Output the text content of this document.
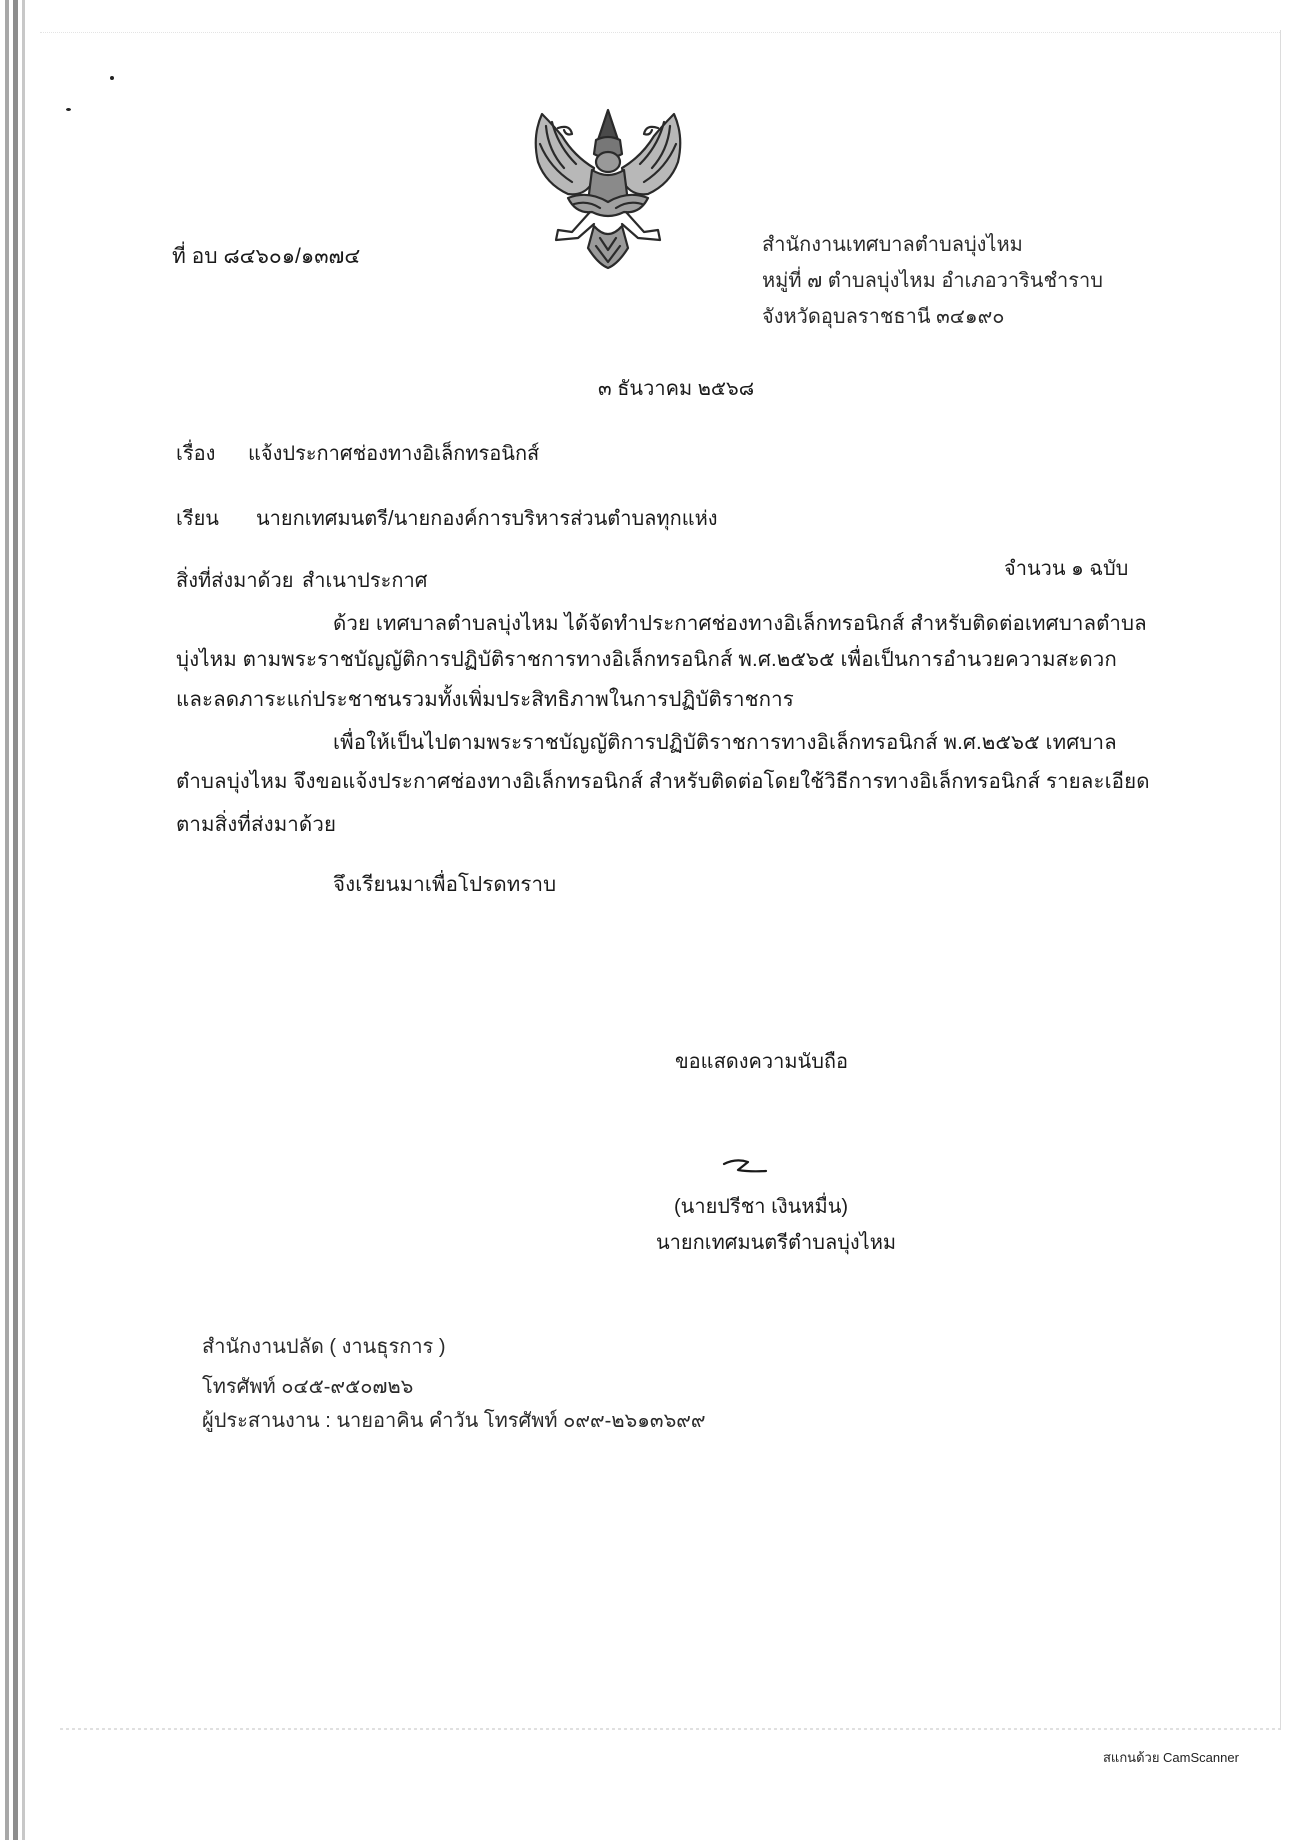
ที่ อบ ๘๔๖๐๑/๑๓๗๔	สำนักงานเทศบาลตำบลบุ่งไหม
หมู่ที่ ๗ ตำบลบุ่งไหม อำเภอวารินชำราบ
จังหวัดอุบลราชธานี ๓๔๑๙๐
๓ ธันวาคม ๒๕๖๘
เรื่อง แจ้งประกาศช่องทางอิเล็กทรอนิกส์
เรียน นายกเทศมนตรี/นายกองค์การบริหารส่วนตำบลทุกแห่ง
สิ่งที่ส่งมาด้วย สำเนาประกาศ
จำนวน ๑ ฉบับ
ด้วย เทศบาลตำบลบุ่งไหม ได้จัดทำประกาศช่องทางอิเล็กทรอนิกส์ สำหรับติดต่อเทศบาลตำบล
บุ่งไหม ตามพระราชบัญญัติการปฏิบัติราชการทางอิเล็กทรอนิกส์ พ.ศ.๒๕๖๕ เพื่อเป็นการอำนวยความสะดวก
และลดภาระแก่ประชาชนรวมทั้งเพิ่มประสิทธิภาพในการปฏิบัติราชการ
เพื่อให้เป็นไปตามพระราชบัญญัติการปฏิบัติราชการทางอิเล็กทรอนิกส์ พ.ศ.๒๕๖๕ เทศบาล
ตำบลบุ่งไหม จึงขอแจ้งประกาศช่องทางอิเล็กทรอนิกส์ สำหรับติดต่อโดยใช้วิธีการทางอิเล็กทรอนิกส์ รายละเอียด
ตามสิ่งที่ส่งมาด้วย
จึงเรียนมาเพื่อโปรดทราบ
ขอแสดงความนับถือ
(นายปรีชา เงินหมื่น)
นายกเทศมนตรีตำบลบุ่งไหม
สำนักงานปลัด ( งานธุรการ )
โทรศัพท์ ๐๔๕-๙๕๐๗๒๖
ผู้ประสานงาน : นายอาคิน คำวัน โทรศัพท์ ๐๙๙-๒๖๑๓๖๙๙
สแกนด้วย CamScanner
